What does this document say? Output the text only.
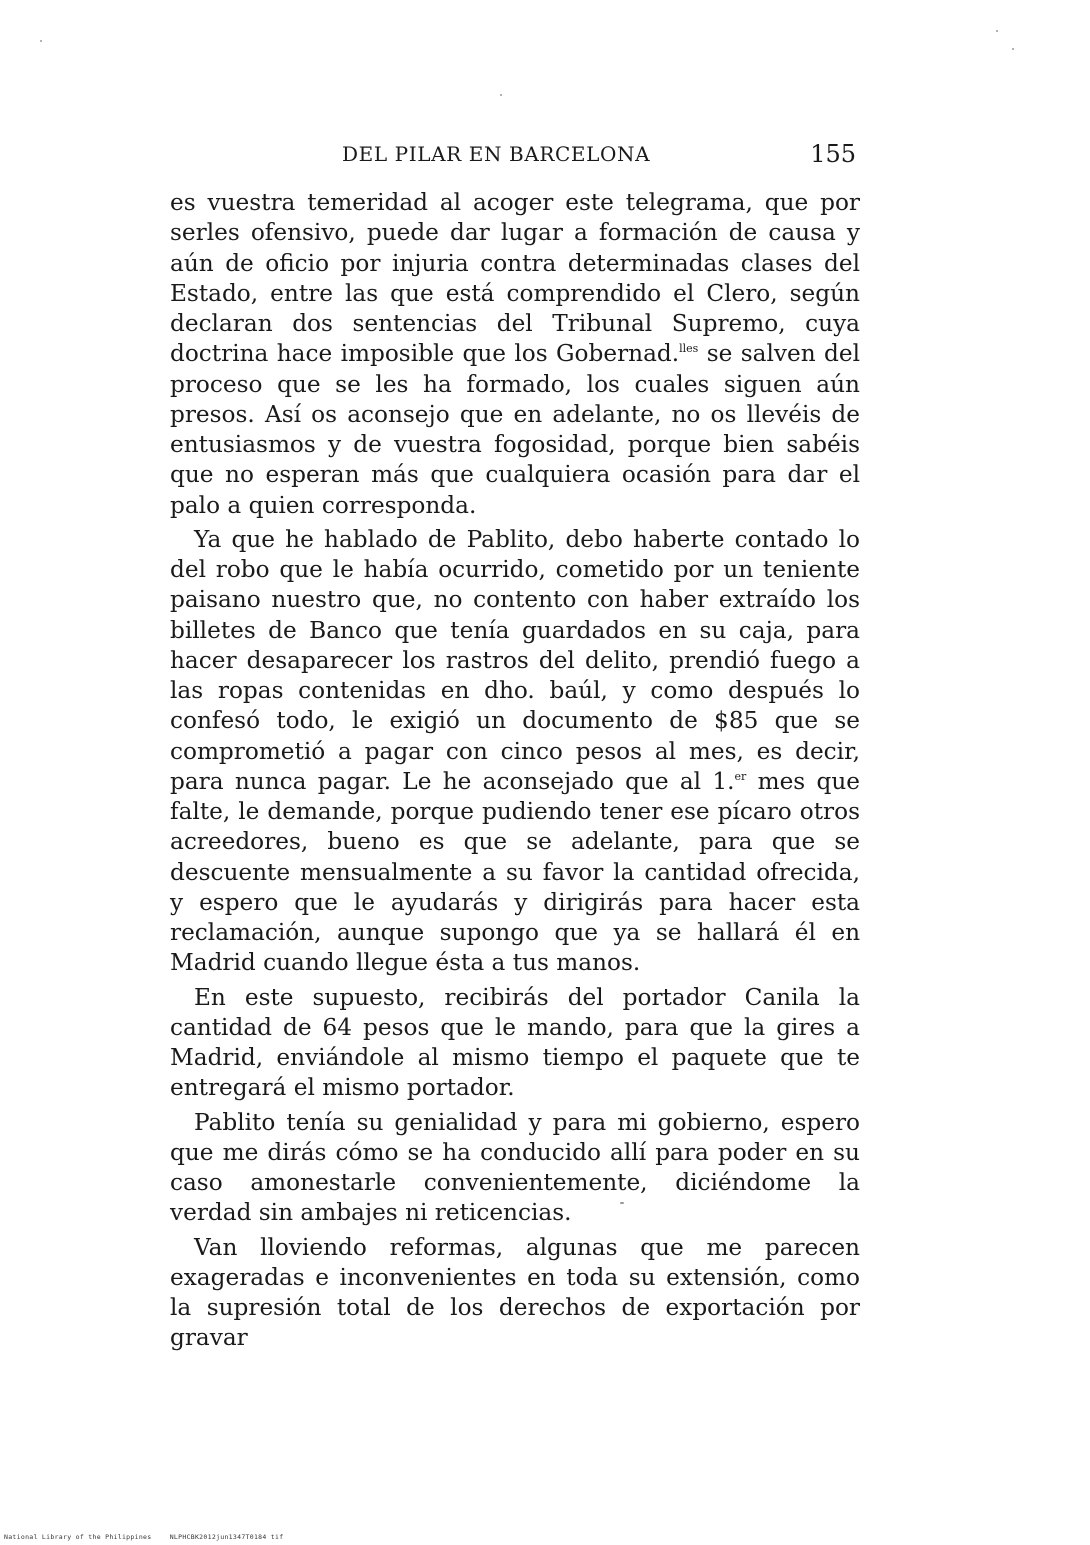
DEL PILAR EN BARCELONA	155

es vuestra temeridad al acoger este telegrama, que por serles ofensivo, puede dar lugar a formación de causa y aún de oficio por injuria contra determinadas clases del Estado, entre las que está comprendido el Clero, según declaran dos sentencias del Tribunal Supremo, cuya doctrina hace imposible que los Gobernad.$^{lles}$ se salven del proceso que se les ha formado, los cuales siguen aún presos. Así os aconsejo que en adelante, no os llevéis de entusiasmos y de vuestra fogosidad, porque bien sabéis que no esperan más que cualquiera ocasión para dar el palo a quien corresponda.

Ya que he hablado de Pablito, debo haberte contado lo del robo que le había ocurrido, cometido por un teniente paisano nuestro que, no contento con haber extraído los billetes de Banco que tenía guardados en su caja, para hacer desaparecer los rastros del delito, prendió fuego a las ropas contenidas en dho. baúl, y como después lo confesó todo, le exigió un documento de $85 que se comprometió a pagar con cinco pesos al mes, es decir, para nunca pagar. Le he aconsejado que al 1.$^{er}$ mes que falte, le demande, porque pudiendo tener ese pícaro otros acreedores, bueno es que se adelante, para que se descuente mensualmente a su favor la cantidad ofrecida, y espero que le ayudarás y dirigirás para hacer esta reclamación, aunque supongo que ya se hallará él en Madrid cuando llegue ésta a tus manos.

En este supuesto, recibirás del portador Canila la cantidad de 64 pesos que le mando, para que la gires a Madrid, enviándole al mismo tiempo el paquete que te entregará el mismo portador.

Pablito tenía su genialidad y para mi gobierno, espero que me dirás cómo se ha conducido allí para poder en su caso amonestarle convenientemente, diciéndome la verdad sin ambajes ni reticencias.

Van lloviendo reformas, algunas que me parecen exageradas e inconvenientes en toda su extensión, como la supresión total de los derechos de exportación por gravar

National Library of the Philippines	NLPHCBK2012jun1347T0184 tif
